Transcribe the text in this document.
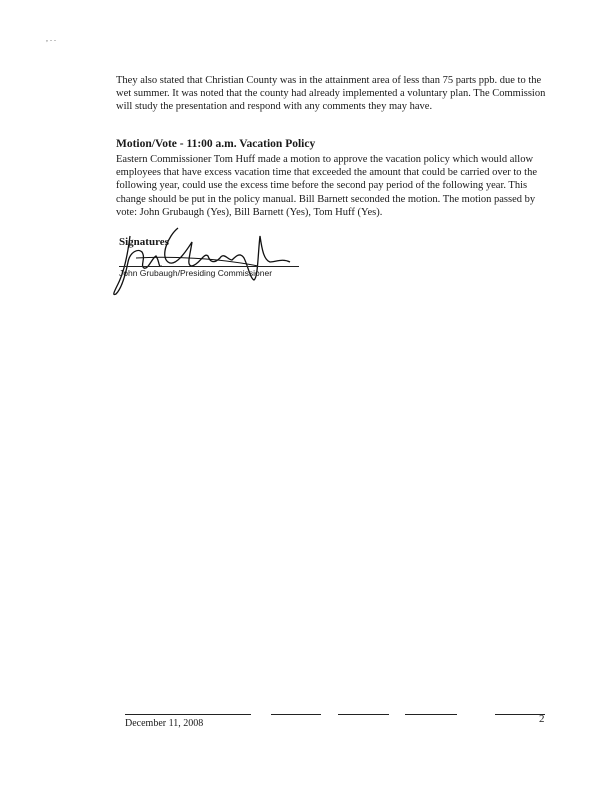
, . .

They also stated that Christian County was in the attainment area of less than 75 parts ppb. due to the wet summer. It was noted that the county had already implemented a voluntary plan. The Commission will study the presentation and respond with any comments they may have.

Motion/Vote - 11:00 a.m. Vacation Policy

Eastern Commissioner Tom Huff made a motion to approve the vacation policy which would allow employees that have excess vacation time that exceeded the amount that could be carried over to the following year, could use the excess time before the second pay period of the following year. This change should be put in the policy manual. Bill Barnett seconded the motion. The motion passed by vote: John Grubaugh (Yes), Bill Barnett (Yes), Tom Huff (Yes).

Signatures
John Grubaugh/Presiding Commissioner
December 11, 2008	2
